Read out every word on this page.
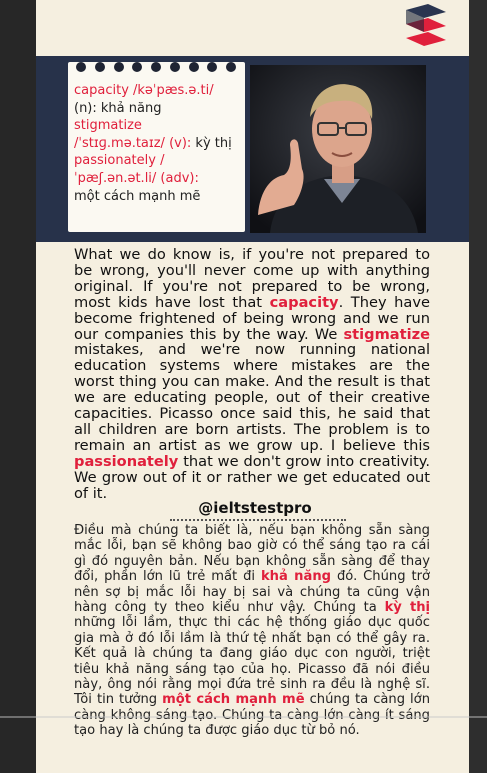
capacity /kəˈpæs.ə.ti/
(n): khả năng
stigmatize
/ˈstɪɡ.mə.taɪz/ (v): kỳ thị
passionately /ˈpæʃ.ən.ət.li/ (adv):
một cách mạnh mẽ
What we do know is, if you're not prepared to be wrong, you'll never come up with anything original. If you're not prepared to be wrong, most kids have lost that capacity. They have become frightened of being wrong and we run our companies this by the way. We stigmatize mistakes, and we're now running national education systems where mistakes are the worst thing you can make. And the result is that we are educating people, out of their creative capacities. Picasso once said this, he said that all children are born artists. The problem is to remain an artist as we grow up. I believe this passionately that we don't grow into creativity. We grow out of it or rather we get educated out of it.
@ieltstestpro
Điều mà chúng ta biết là, nếu bạn không sẵn sàng mắc lỗi, bạn sẽ không bao giờ có thể sáng tạo ra cái gì đó nguyên bản. Nếu bạn không sẵn sàng để thay đổi, phần lớn lũ trẻ mất đi khả năng đó. Chúng trở nên sợ bị mắc lỗi hay bị sai và chúng ta cũng vận hàng công ty theo kiểu như vậy. Chúng ta kỳ thị những lỗi lầm, thực thi các hệ thống giáo dục quốc gia mà ở đó lỗi lầm là thứ tệ nhất bạn có thể gây ra. Kết quả là chúng ta đang giáo dục con người, triệt tiêu khả năng sáng tạo của họ. Picasso đã nói điều này, ông nói rằng mọi đứa trẻ sinh ra đều là nghệ sĩ. Tôi tin tưởng một cách mạnh mẽ chúng ta càng lớn càng không sáng tạo. Chúng ta càng lớn càng ít sáng tạo hay là chúng ta được giáo dục từ bỏ nó.
